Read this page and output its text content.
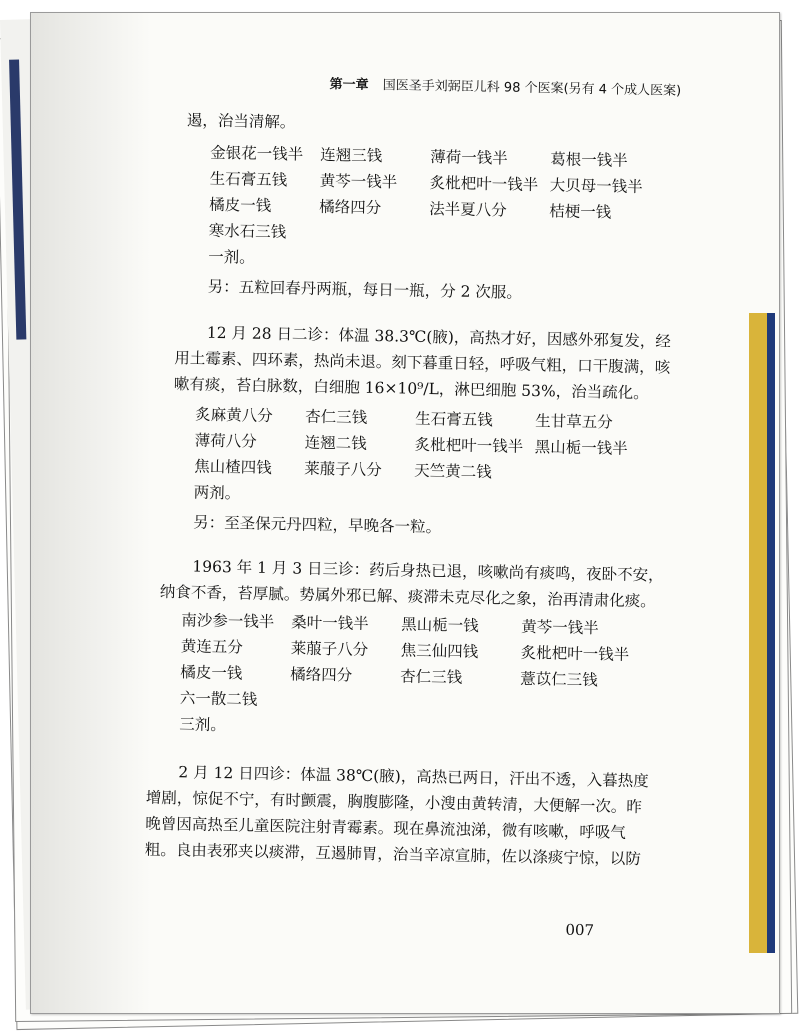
第一章 国医圣手刘弼臣儿科 98 个医案(另有 4 个成人医案)
遏，治当清解。
金银花一钱半 连翘三钱	薄荷一钱半	葛根一钱半
生石膏五钱 黄芩一钱半 炙枇杷叶一钱半 大贝母一钱半
橘皮一钱	橘络四分	法半夏八分	桔梗一钱
寒水石三钱
一剂。
另：五粒回春丹两瓶，每日一瓶，分 2 次服。
12 月 28 日二诊：体温 38.3℃(腋)，高热才好，因感外邪复发，经
用土霉素、四环素，热尚未退。刻下暮重日轻，呼吸气粗，口干腹满，咳
嗽有痰，苔白脉数，白细胞 16×10⁹/L，淋巴细胞 53%，治当疏化。
炙麻黄八分 杏仁三钱	生石膏五钱	生甘草五分
薄荷八分	连翘二钱	炙枇杷叶一钱半 黑山栀一钱半
焦山楂四钱 莱菔子八分 天竺黄二钱
两剂。
另：至圣保元丹四粒，早晚各一粒。
1963 年 1 月 3 日三诊：药后身热已退，咳嗽尚有痰鸣，夜卧不安，
纳食不香，苔厚腻。势属外邪已解、痰滞未克尽化之象，治再清肃化痰。
南沙参一钱半 桑叶一钱半 黑山栀一钱	黄芩一钱半
黄连五分	莱菔子八分 焦三仙四钱	炙枇杷叶一钱半
橘皮一钱	橘络四分	杏仁三钱	薏苡仁三钱
六一散二钱
三剂。
2 月 12 日四诊：体温 38℃(腋)，高热已两日，汗出不透，入暮热度
增剧，惊促不宁，有时颤震，胸腹膨隆，小溲由黄转清，大便解一次。昨
晚曾因高热至儿童医院注射青霉素。现在鼻流浊涕，微有咳嗽，呼吸气
粗。良由表邪夹以痰滞，互遏肺胃，治当辛凉宣肺，佐以涤痰宁惊，以防
007
